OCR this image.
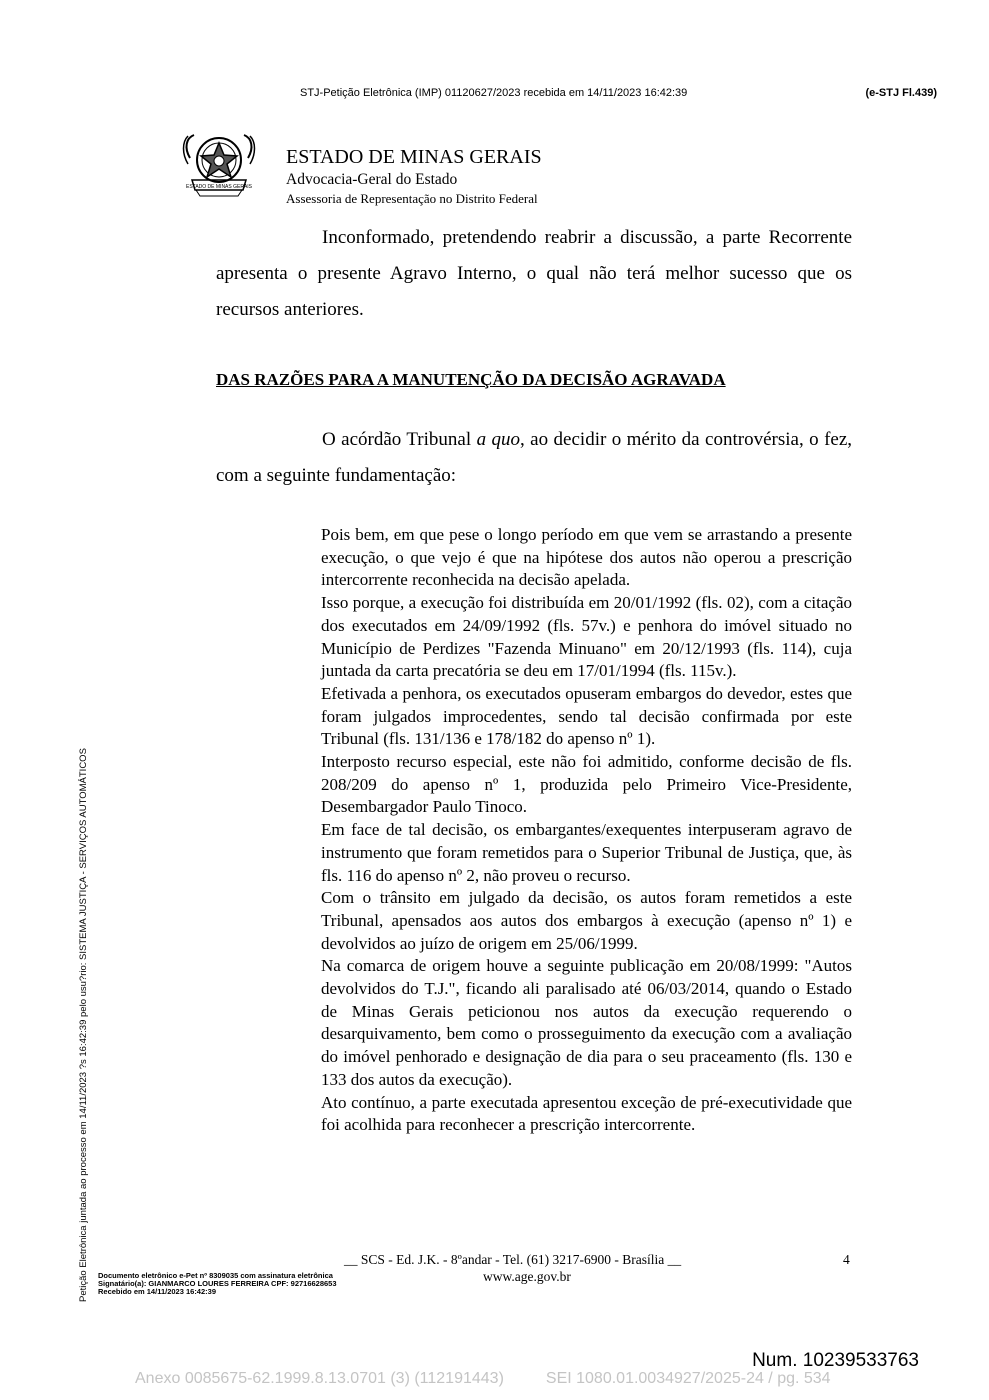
STJ-Petição Eletrônica (IMP) 01120627/2023 recebida em 14/11/2023 16:42:39	(e-STJ Fl.439)
ESTADO DE MINAS GERAIS
ESTADO DE MINAS GERAIS
Advocacia-Geral do Estado
Assessoria de Representação no Distrito Federal
Inconformado, pretendendo reabrir a discussão, a parte Recorrente apresenta o presente Agravo Interno, o qual não terá melhor sucesso que os recursos anteriores.
DAS RAZÕES PARA A MANUTENÇÃO DA DECISÃO AGRAVADA
O acórdão Tribunal a quo, ao decidir o mérito da controvérsia, o fez, com a seguinte fundamentação:

Pois bem, em que pese o longo período em que vem se arrastando a presente execução, o que vejo é que na hipótese dos autos não operou a prescrição intercorrente reconhecida na decisão apelada.

Isso porque, a execução foi distribuída em 20/01/1992 (fls. 02), com a citação dos executados em 24/09/1992 (fls. 57v.) e penhora do imóvel situado no Município de Perdizes "Fazenda Minuano" em 20/12/1993 (fls. 114), cuja juntada da carta precatória se deu em 17/01/1994 (fls. 115v.).

Efetivada a penhora, os executados opuseram embargos do devedor, estes que foram julgados improcedentes, sendo tal decisão confirmada por este Tribunal (fls. 131/136 e 178/182 do apenso nº 1).

Interposto recurso especial, este não foi admitido, conforme decisão de fls. 208/209 do apenso nº 1, produzida pelo Primeiro Vice-Presidente, Desembargador Paulo Tinoco.

Em face de tal decisão, os embargantes/exequentes interpuseram agravo de instrumento que foram remetidos para o Superior Tribunal de Justiça, que, às fls. 116 do apenso nº 2, não proveu o recurso.

Com o trânsito em julgado da decisão, os autos foram remetidos a este Tribunal, apensados aos autos dos embargos à execução (apenso nº 1) e devolvidos ao juízo de origem em 25/06/1999.

Na comarca de origem houve a seguinte publicação em 20/08/1999: "Autos devolvidos do T.J.", ficando ali paralisado até 06/03/2014, quando o Estado de Minas Gerais peticionou nos autos da execução requerendo o desarquivamento, bem como o prosseguimento da execução com a avaliação do imóvel penhorado e designação de dia para o seu praceamento (fls. 130 e 133 dos autos da execução).

Ato contínuo, a parte executada apresentou exceção de pré-executividade que foi acolhida para reconhecer a prescrição intercorrente.

Petição Eletrônica juntada ao processo em 14/11/2023 ?s 16:42:39 pelo usu?rio: SISTEMA JUSTIÇA - SERVIÇOS AUTOMÁTICOS	__ SCS - Ed. J.K. - 8ºandar - Tel. (61) 3217-6900 - Brasília __
www.age.gov.br
4
Documento eletrônico e-Pet nº 8309035 com assinatura eletrônica
Signatário(a): GIANMARCO LOURES FERREIRA CPF: 92716628653
Recebido em 14/11/2023 16:42:39
Num. 10239533763
Anexo 0085675-62.1999.8.13.0701 (3) (112191443)	SEI 1080.01.0034927/2025-24 / pg. 534
